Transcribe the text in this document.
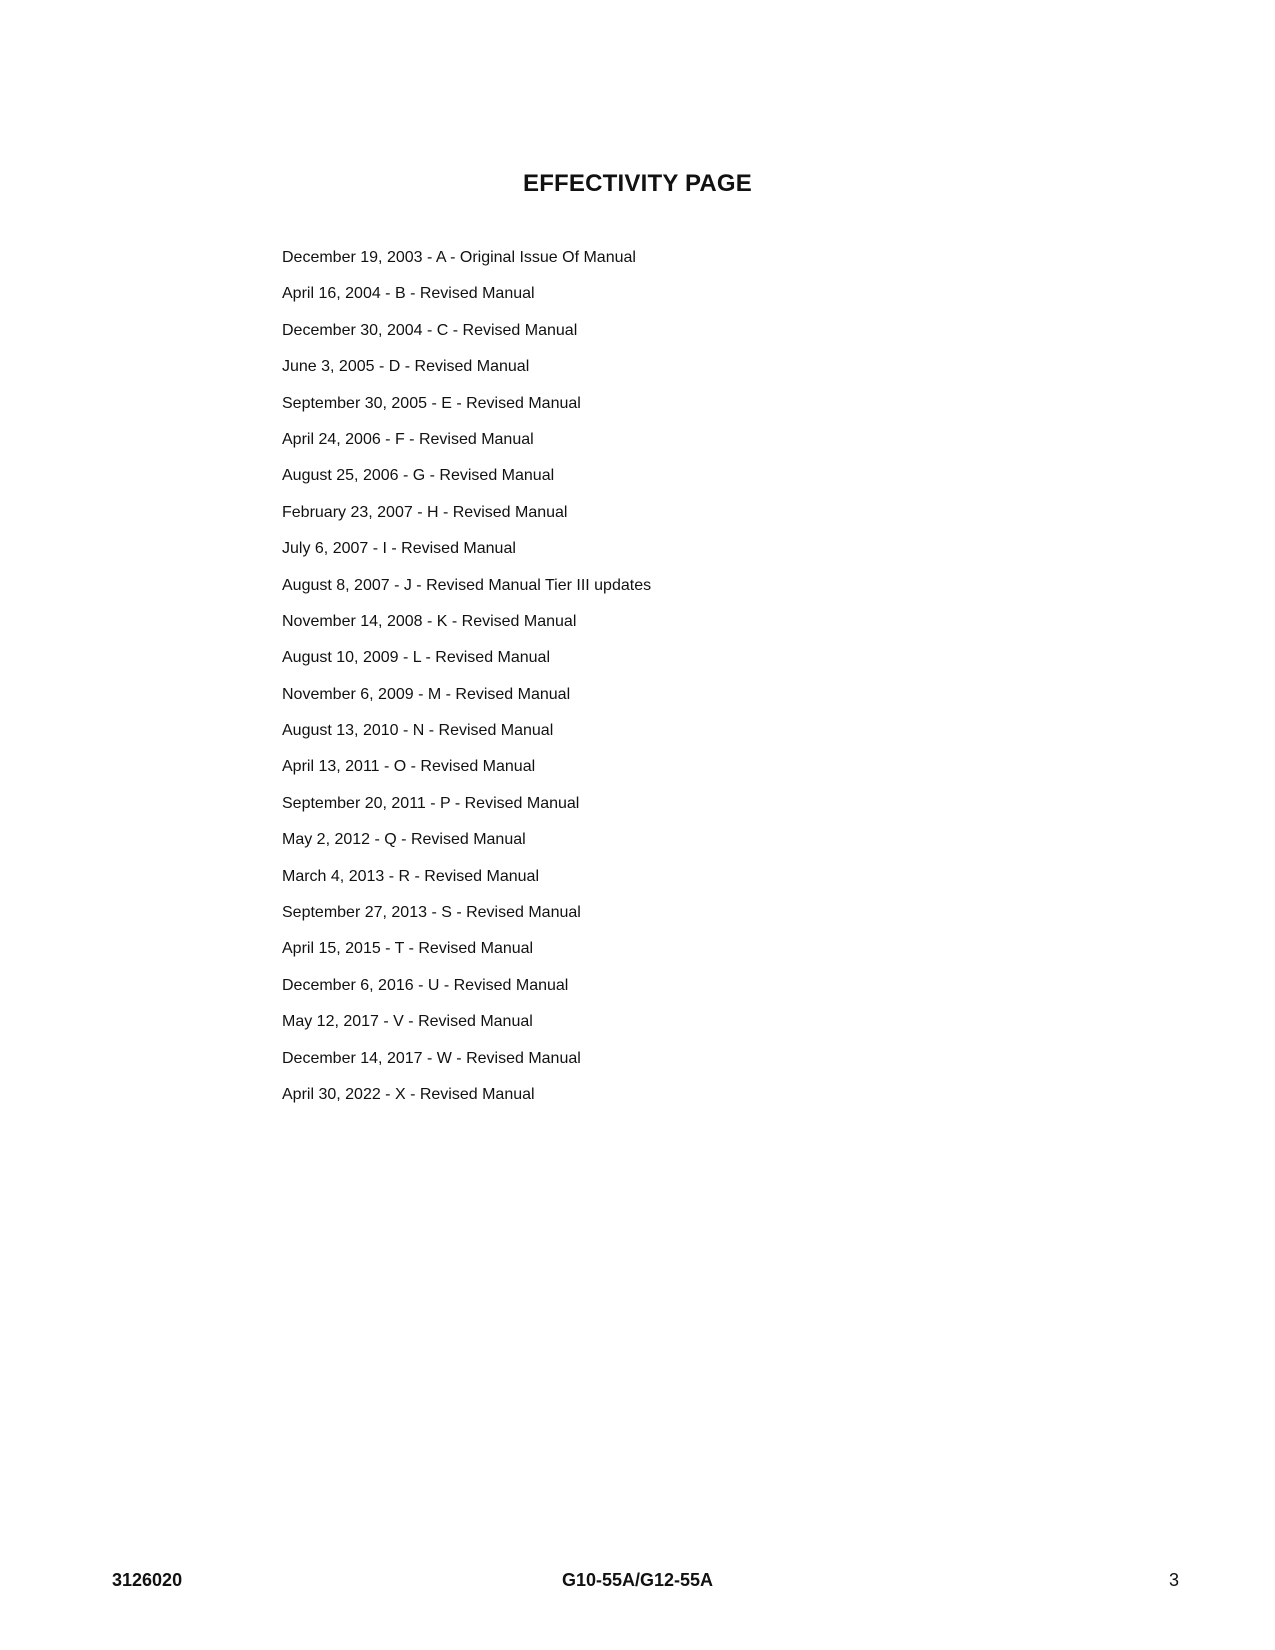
EFFECTIVITY PAGE
December 19, 2003 - A - Original Issue Of Manual
April 16, 2004 - B - Revised Manual
December 30, 2004 - C - Revised Manual
June 3, 2005 - D - Revised Manual
September 30, 2005 - E - Revised Manual
April 24, 2006 - F - Revised Manual
August 25, 2006 - G - Revised Manual
February 23, 2007 - H - Revised Manual
July 6, 2007 - I - Revised Manual
August 8, 2007 - J - Revised Manual Tier III updates
November 14, 2008 - K - Revised Manual
August 10, 2009 - L - Revised Manual
November 6, 2009 - M - Revised Manual
August 13, 2010 - N - Revised Manual
April 13, 2011 - O - Revised Manual
September 20, 2011 - P - Revised Manual
May 2, 2012 - Q - Revised Manual
March 4, 2013 - R - Revised Manual
September 27, 2013 - S - Revised Manual
April 15, 2015 - T - Revised Manual
December 6, 2016 - U - Revised Manual
May 12, 2017 - V - Revised Manual
December 14, 2017 - W - Revised Manual
April 30, 2022 - X - Revised Manual
3126020	G10-55A/G12-55A	3
